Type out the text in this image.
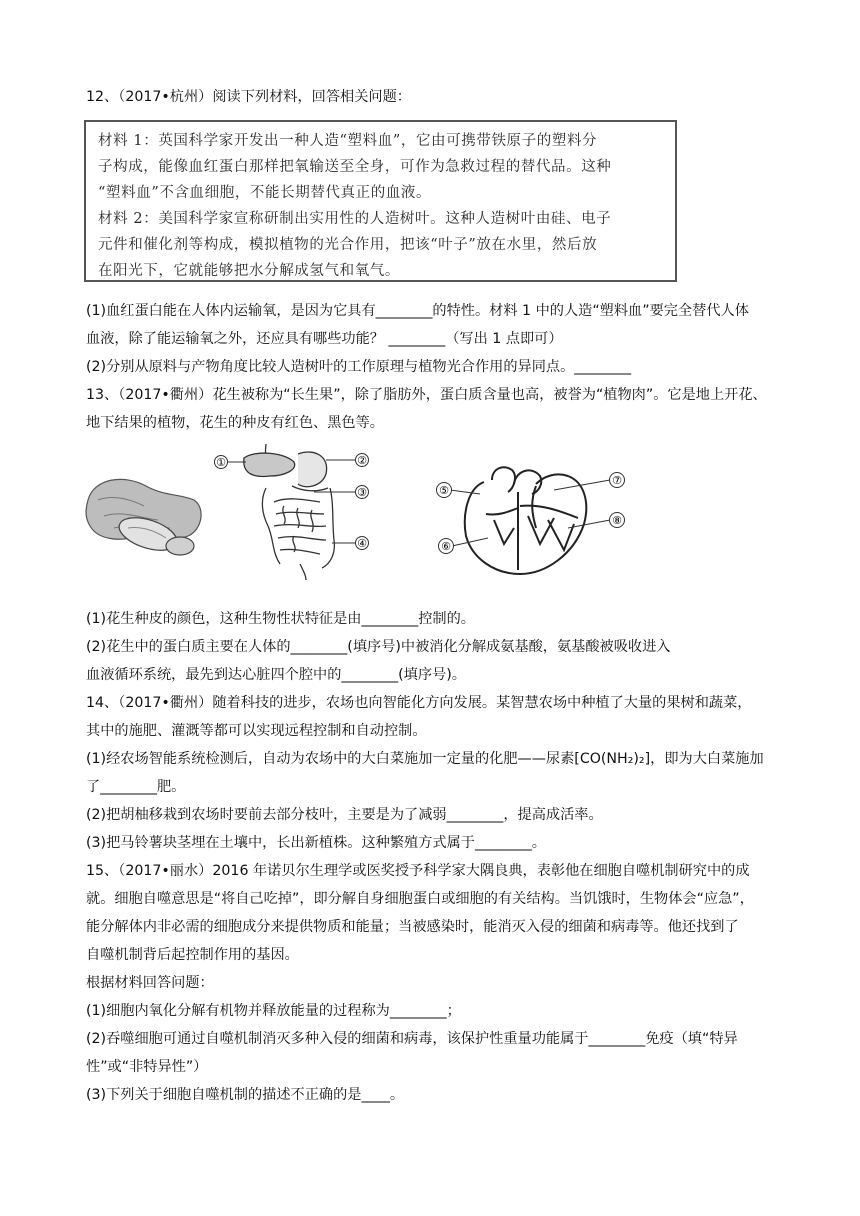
12、（2017•杭州）阅读下列材料，回答相关问题：
材料 1：英国科学家开发出一种人造“塑料血”，它由可携带铁原子的塑料分
子构成，能像血红蛋白那样把氧输送至全身，可作为急救过程的替代品。这种
“塑料血”不含血细胞，不能长期替代真正的血液。
材料 2：美国科学家宣称研制出实用性的人造树叶。这种人造树叶由硅、电子
元件和催化剂等构成，模拟植物的光合作用，把该“叶子”放在水里，然后放
在阳光下，它就能够把水分解成氢气和氧气。
(1)血红蛋白能在人体内运输氧，是因为它具有________的特性。材料 1 中的人造“塑料血”要完全替代人体
血液，除了能运输氧之外，还应具有哪些功能？ ________（写出 1 点即可）
(2)分别从原料与产物角度比较人造树叶的工作原理与植物光合作用的异同点。________
13、（2017•衢州）花生被称为“长生果”，除了脂肪外，蛋白质含量也高，被誉为“植物肉”。它是地上开花、
地下结果的植物，花生的种皮有红色、黑色等。
①	②
③
④
⑤
⑥
⑦
⑧
(1)花生种皮的颜色，这种生物性状特征是由________控制的。
(2)花生中的蛋白质主要在人体的________(填序号)中被消化分解成氨基酸，氨基酸被吸收进入
血液循环系统，最先到达心脏四个腔中的________(填序号)。
14、（2017•衢州）随着科技的进步，农场也向智能化方向发展。某智慧农场中种植了大量的果树和蔬菜，
其中的施肥、灌溉等都可以实现远程控制和自动控制。
(1)经农场智能系统检测后，自动为农场中的大白菜施加一定量的化肥——尿素[CO(NH₂)₂]，即为大白菜施加
了________肥。
(2)把胡柚移栽到农场时要前去部分枝叶，主要是为了减弱________，提高成活率。
(3)把马铃薯块茎埋在土壤中，长出新植株。这种繁殖方式属于________。
15、（2017•丽水）2016 年诺贝尔生理学或医奖授予科学家大隅良典，表彰他在细胞自噬机制研究中的成
就。细胞自噬意思是“将自己吃掉”，即分解自身细胞蛋白或细胞的有关结构。当饥饿时，生物体会“应急”，
能分解体内非必需的细胞成分来提供物质和能量；当被感染时，能消灭入侵的细菌和病毒等。他还找到了
自噬机制背后起控制作用的基因。
根据材料回答问题：
(1)细胞内氧化分解有机物并释放能量的过程称为________；
(2)吞噬细胞可通过自噬机制消灭多种入侵的细菌和病毒，该保护性重量功能属于________免疫（填“特异
性”或“非特异性”）
(3)下列关于细胞自噬机制的描述不正确的是____。
